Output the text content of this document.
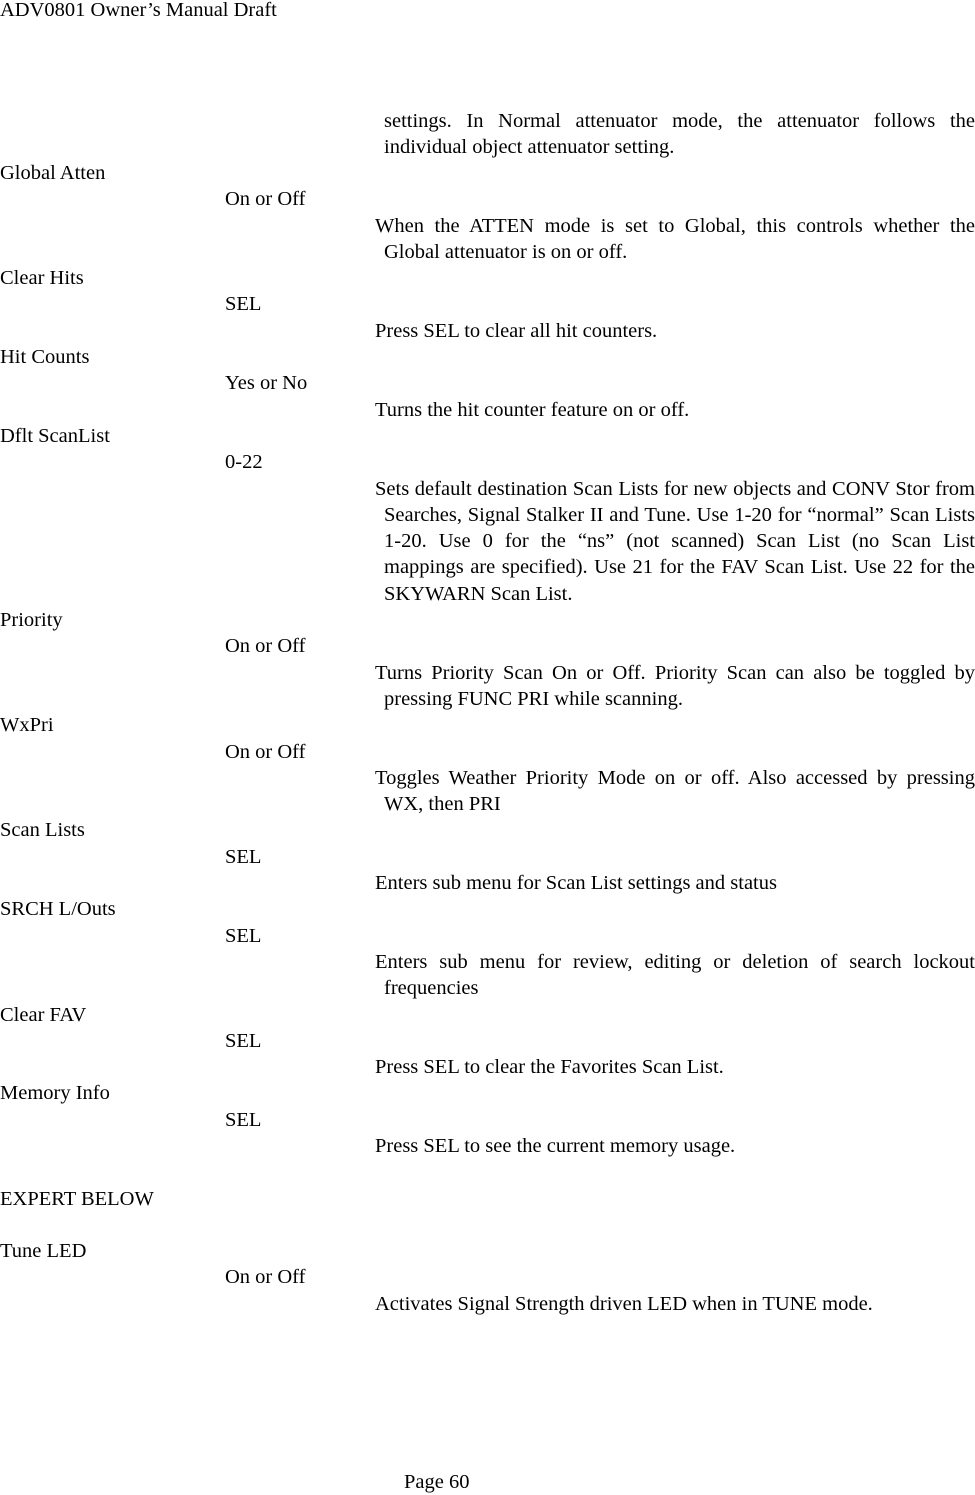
ADV0801 Owner’s Manual Draft
settings. In Normal attenuator mode, the attenuator follows the individual object attenuator setting.
Global Atten
On or Off
When the ATTEN mode is set to Global, this controls whether the Global attenuator is on or off.
Clear Hits
SEL
Press SEL to clear all hit counters.
Hit Counts
Yes or No
Turns the hit counter feature on or off.
Dflt ScanList
0-22
Sets default destination Scan Lists for new objects and CONV Stor from Searches, Signal Stalker II and Tune. Use 1-20 for “normal” Scan Lists 1-20. Use 0 for the “ns” (not scanned) Scan List (no Scan List mappings are specified). Use 21 for the FAV Scan List. Use 22 for the SKYWARN Scan List.
Priority
On or Off
Turns Priority Scan On or Off. Priority Scan can also be toggled by pressing FUNC PRI while scanning.
WxPri
On or Off
Toggles Weather Priority Mode on or off. Also accessed by pressing WX, then PRI
Scan Lists
SEL
Enters sub menu for Scan List settings and status
SRCH L/Outs
SEL
Enters sub menu for review, editing or deletion of search lockout frequencies
Clear FAV
SEL
Press SEL to clear the Favorites Scan List.
Memory Info
SEL
Press SEL to see the current memory usage.
EXPERT BELOW
Tune LED
On or Off
Activates Signal Strength driven LED when in TUNE mode.
Page 60
